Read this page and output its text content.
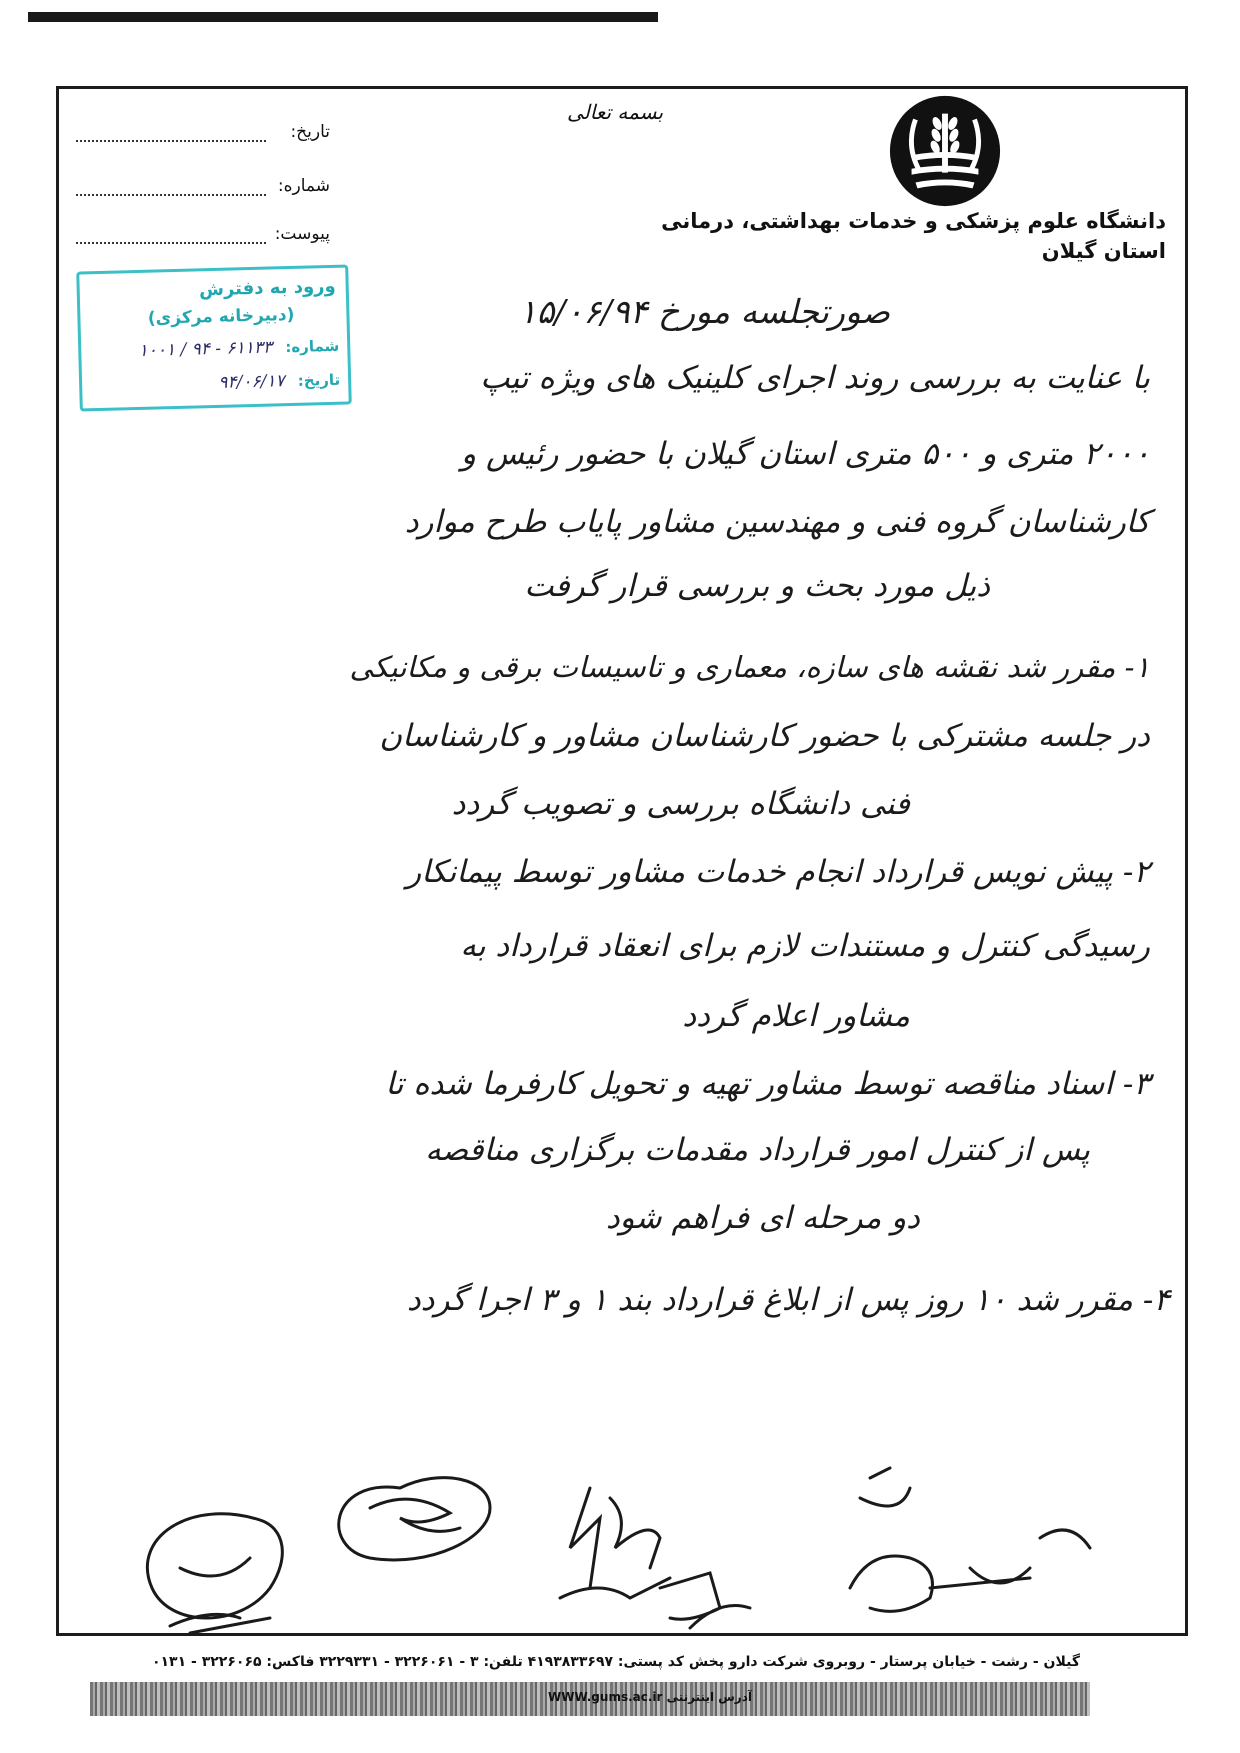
بسمه تعالی
دانشگاه علوم پزشکی و خدمات بهداشتی، درمانی استان گیلان
تاریخ:
شماره:
پیوست:
ورود به دفترش
(دبیرخانه مرکزی)
شماره: ۶۱۱۳۳ - ۹۴ / ۱۰۰۱
تاریخ: ۹۴/۰۶/۱۷
صورتجلسه مورخ ۱۵/۰۶/۹۴
با عنایت به بررسی روند اجرای کلینیک های ویژه تیپ
۲۰۰۰ متری و ۵۰۰ متری استان گیلان با حضور رئیس و
کارشناسان گروه فنی و مهندسین مشاور پایاب طرح موارد
ذیل مورد بحث و بررسی قرار گرفت
۱- مقرر شد نقشه های سازه، معماری و تاسیسات برقی و مکانیکی
در جلسه مشترکی با حضور کارشناسان مشاور و کارشناسان
فنی دانشگاه بررسی و تصویب گردد
۲- پیش نویس قرارداد انجام خدمات مشاور توسط پیمانکار
رسیدگی کنترل و مستندات لازم برای انعقاد قرارداد به
مشاور اعلام گردد
۳- اسناد مناقصه توسط مشاور تهیه و تحویل کارفرما شده تا
پس از کنترل امور قرارداد مقدمات برگزاری مناقصه
دو مرحله ای فراهم شود
۴- مقرر شد ۱۰ روز پس از ابلاغ قرارداد بند ۱ و ۳ اجرا گردد
گیلان - رشت - خیابان پرستار - روبروی شرکت دارو پخش کد پستی: ۴۱۹۳۸۳۳۶۹۷ تلفن: ۳ - ۳۲۲۶۰۶۱ - ۳۲۲۹۳۳۱ فاکس: ۳۲۲۶۰۶۵ - ۰۱۳۱
آدرس اینترنتی WWW.gums.ac.ir
